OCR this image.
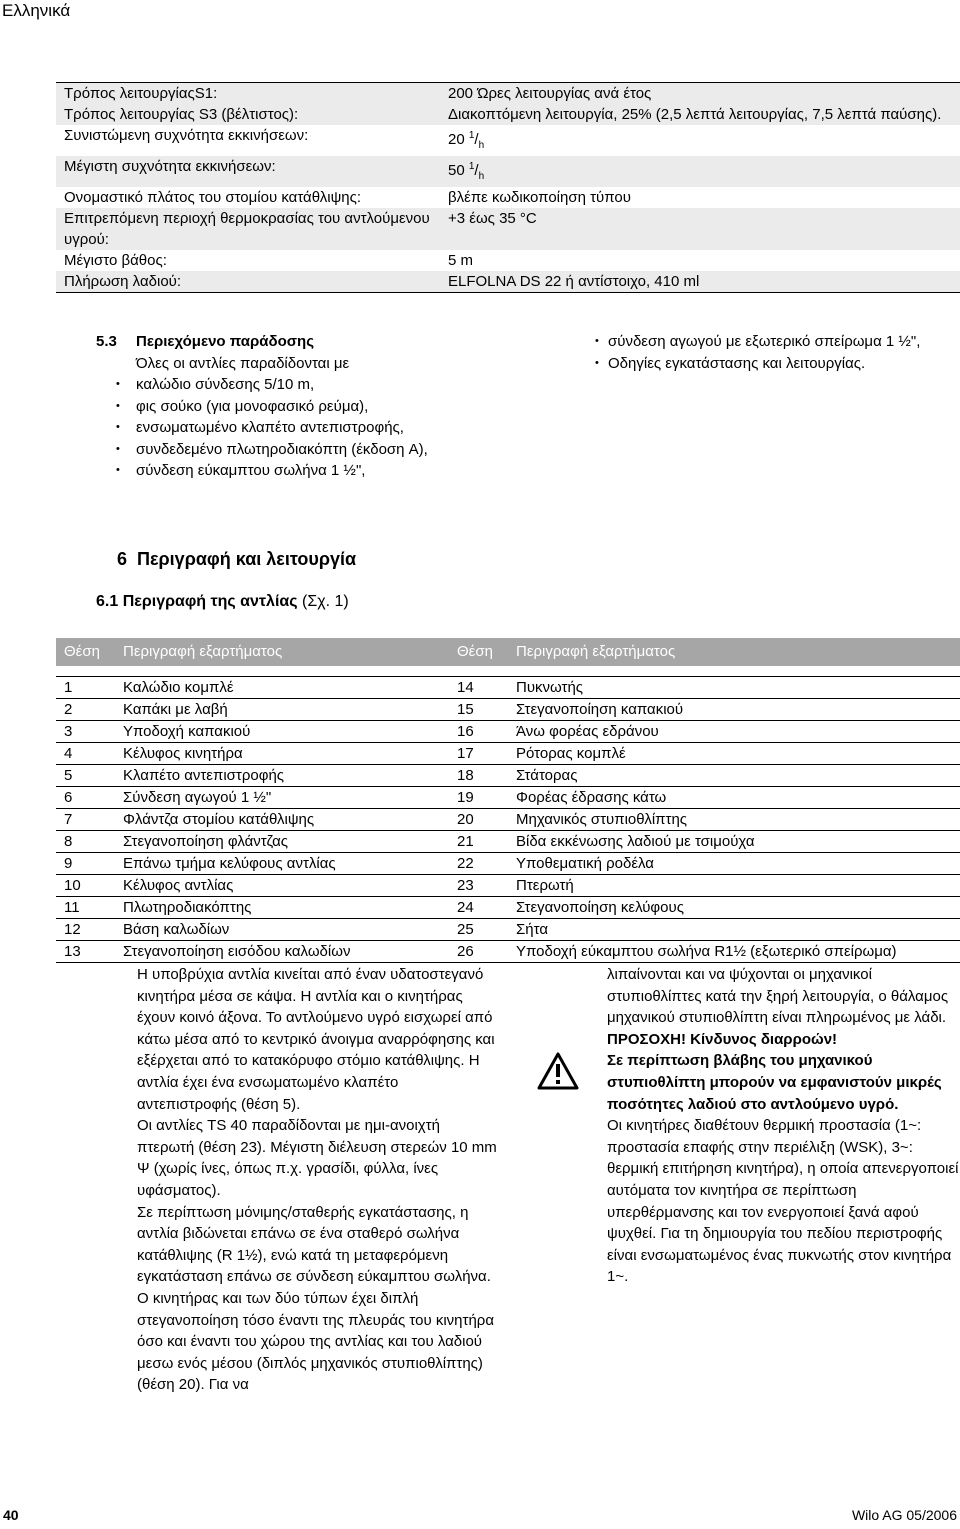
Ελληνικά
Τρόπος λειτουργίαςS1:	200 Ώρες λειτουργίας ανά έτος
Τρόπος λειτουργίας S3 (βέλτιστος):	Διακοπτόμενη λειτουργία, 25% (2,5 λεπτά λειτουργίας, 7,5 λεπτά παύσης).
Συνιστώμενη συχνότητα εκκινήσεων:	20 $^1/_h$
Μέγιστη συχνότητα εκκινήσεων:	50 $^1/_h$
Ονομαστικό πλάτος του στομίου κατάθλιψης:	βλέπε κωδικοποίηση τύπου
Επιτρεπόμενη περιοχή θερμοκρασίας του αντλούμενου υγρού:
+3 έως 35 °C
Μέγιστο βάθος:	5 m
Πλήρωση λαδιού:	ELFOLNA DS 22 ή αντίστοιχο, 410 ml
5.3 Περιεχόμενο παράδοσης
Όλες οι αντλίες παραδίδονται με
• καλώδιο σύνδεσης 5/10 m,
• φις σούκο (για μονοφασικό ρεύμα),
• ενσωματωμένο κλαπέτο αντεπιστροφής,
• συνδεδεμένο πλωτηροδιακόπτη (έκδοση A),
• σύνδεση εύκαμπτου σωλήνα 1 ½",
• σύνδεση αγωγού με εξωτερικό σπείρωμα 1 ½",
• Οδηγίες εγκατάστασης και λειτουργίας.
6 Περιγραφή και λειτουργία
6.1 Περιγραφή της αντλίας (Σχ. 1)
Θέση	Περιγραφή εξαρτήματος	Θέση	Περιγραφή εξαρτήματος

1	Καλώδιο κομπλέ	14	Πυκνωτής
2	Καπάκι με λαβή	15	Στεγανοποίηση καπακιού
3	Υποδοχή καπακιού	16	Άνω φορέας εδράνου
4	Κέλυφος κινητήρα	17	Ρότορας κομπλέ
5	Κλαπέτο αντεπιστροφής	18	Στάτορας
6	Σύνδεση αγωγού 1 ½"	19	Φορέας έδρασης κάτω
7	Φλάντζα στομίου κατάθλιψης	20	Μηχανικός στυπιοθλίπτης
8	Στεγανοποίηση φλάντζας	21	Βίδα εκκένωσης λαδιού με τσιμούχα
9	Επάνω τμήμα κελύφους αντλίας	22	Υποθεματική ροδέλα
10	Κέλυφος αντλίας	23	Πτερωτή
11	Πλωτηροδιακόπτης	24	Στεγανοποίηση κελύφους
12	Βάση καλωδίων	25	Σήτα
13	Στεγανοποίηση εισόδου καλωδίων	26	Υποδοχή εύκαμπτου σωλήνα R1½ (εξωτερικό σπείρωμα)
Η υποβρύχια αντλία κινείται από έναν υδατοστεγανό κινητήρα μέσα σε κάψα. Η αντλία και ο κινητήρας έχουν κοινό άξονα. Το αντλούμενο υγρό εισχωρεί από κάτω μέσα από το κεντρικό άνοιγμα αναρρόφησης και εξέρχεται από το κατακόρυφο στόμιο κατάθλιψης. Η αντλία έχει ένα ενσωματωμένο κλαπέτο αντεπιστροφής (θέση 5).
Οι αντλίες TS 40 παραδίδονται με ημι-ανοιχτή πτερωτή (θέση 23). Μέγιστη διέλευση στερεών 10 mm Ψ (χωρίς ίνες, όπως π.χ. γρασίδι, φύλλα, ίνες υφάσματος).
Σε περίπτωση μόνιμης/σταθερής εγκατάστασης, η αντλία βιδώνεται επάνω σε ένα σταθερό σωλήνα κατάθλιψης (R 1½), ενώ κατά τη μεταφερόμενη εγκατάσταση επάνω σε σύνδεση εύκαμπτου σωλήνα.
Ο κινητήρας και των δύο τύπων έχει διπλή στεγανοποίηση τόσο έναντι της πλευράς του κινητήρα όσο και έναντι του χώρου της αντλίας και του λαδιού μεσω ενός μέσου (διπλός μηχανικός στυπιοθλίπτης) (θέση 20). Για να
λιπαίνονται και να ψύχονται οι μηχανικοί στυπιοθλίπτες κατά την ξηρή λειτουργία, ο θάλαμος μηχανικού στυπιοθλίπτη είναι πληρωμένος με λάδι.
ΠΡΟΣΟΧΗ! Κίνδυνος διαρροών!
Σε περίπτωση βλάβης του μηχανικού στυπιοθλίπτη μπορούν να εμφανιστούν μικρές ποσότητες λαδιού στο αντλούμενο υγρό.
Οι κινητήρες διαθέτουν θερμική προστασία (1~: προστασία επαφής στην περιέλιξη (WSK), 3~: θερμική επιτήρηση κινητήρα), η οποία απενεργοποιεί αυτόματα τον κινητήρα σε περίπτωση υπερθέρμανσης και τον ενεργοποιεί ξανά αφού ψυχθεί. Για τη δημιουργία του πεδίου περιστροφής είναι ενσωματωμένος ένας πυκνωτής στον κινητήρα 1~.
40	Wilo AG 05/2006
